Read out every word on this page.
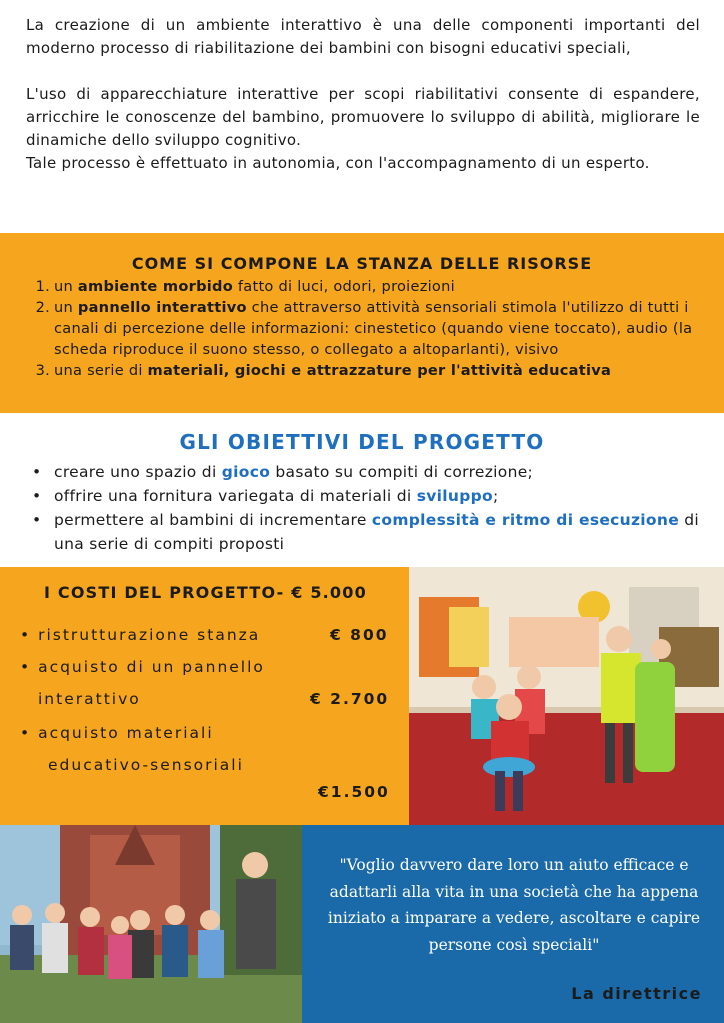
La creazione di un ambiente interattivo è una delle componenti importanti del moderno processo di riabilitazione dei bambini con bisogni educativi speciali,

L'uso di apparecchiature interattive per scopi riabilitativi consente di espandere, arricchire le conoscenze del bambino, promuovere lo sviluppo di abilità, migliorare le dinamiche dello sviluppo cognitivo.

Tale processo è effettuato in autonomia, con l'accompagnamento di un esperto.

COME SI COMPONE LA STANZA DELLE RISORSE
1. un ambiente morbido fatto di luci, odori, proiezioni
2. un pannello interattivo che attraverso attività sensoriali stimola l'utilizzo di tutti i canali di percezione delle informazioni: cinestetico (quando viene toccato), audio (la scheda riproduce il suono stesso, o collegato a altoparlanti), visivo
3. una serie di materiali, giochi e attrazzature per l'attività educativa
GLI OBIETTIVI DEL PROGETTO
• creare uno spazio di gioco basato su compiti di correzione;
• offrire una fornitura variegata di materiali di sviluppo;
• permettere al bambini di incrementare complessità e ritmo di esecuzione di una serie di compiti proposti
I COSTI DEL PROGETTO- € 5.000
• ristrutturazione stanza	€ 800
• acquisto di un pannello
interattivo	€ 2.700
• acquisto materiali
educativo-sensoriali
€1.500
"Voglio davvero dare loro un aiuto efficace e adattarli alla vita in una società che ha appena iniziato a imparare a vedere, ascoltare e capire persone così speciali"
La direttrice
